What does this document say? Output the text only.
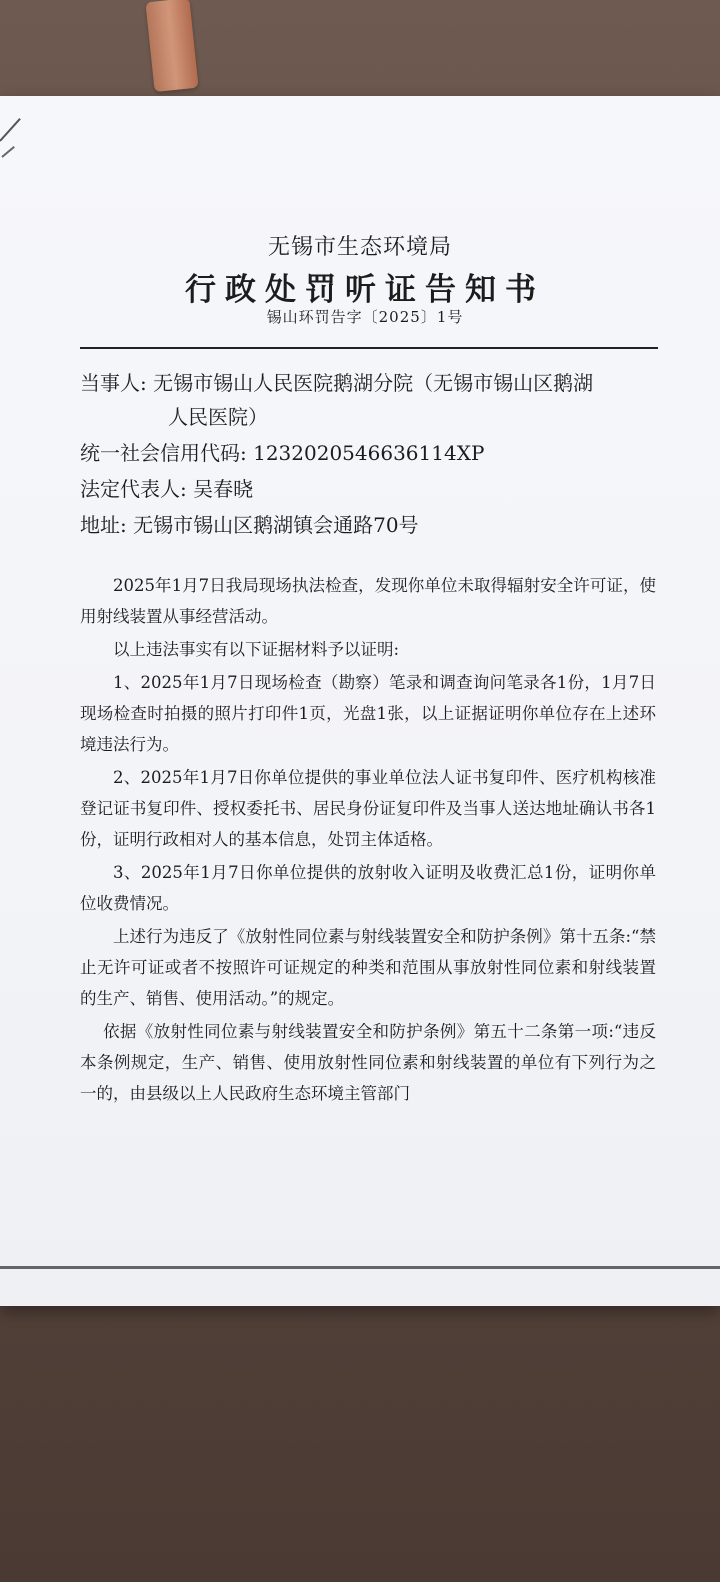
无锡市生态环境局
行政处罚听证告知书
锡山环罚告字〔2025〕1号
当事人: 无锡市锡山人民医院鹅湖分院（无锡市锡山区鹅湖
人民医院）
统一社会信用代码: 12320205466361​14XP
法定代表人: 吴春晓
地址: 无锡市锡山区鹅湖镇会通路70号

2025年1月7日我局现场执法检查，发现你单位未取得辐射安全许可证，使用射线装置从事经营活动。

以上违法事实有以下证据材料予以证明:

1、2025年1月7日现场检查（勘察）笔录和调查询问笔录各1份，1月7日现场检查时拍摄的照片打印件1页，光盘1张，以上证据证明你单位存在上述环境违法行为。

2、2025年1月7日你单位提供的事业单位法人证书复印件、医疗机构核准登记证书复印件、授权委托书、居民身份证复印件及当事人送达地址确认书各1份，证明行政相对人的基本信息，处罚主体适格。

3、2025年1月7日你单位提供的放射收入证明及收费汇总1份，证明你单位收费情况。

上述行为违反了《放射性同位素与射线装置安全和防护条例》第十五条:“禁止无许可证或者不按照许可证规定的种类和范围从事放射性同位素和射线装置的生产、销售、使用活动。”的规定。

依据《放射性同位素与射线装置安全和防护条例》第五十二条第一项:“违反本条例规定，生产、销售、使用放射性同位素和射线装置的单位有下列行为之一的，由县级以上人民政府生态环境主管部门
